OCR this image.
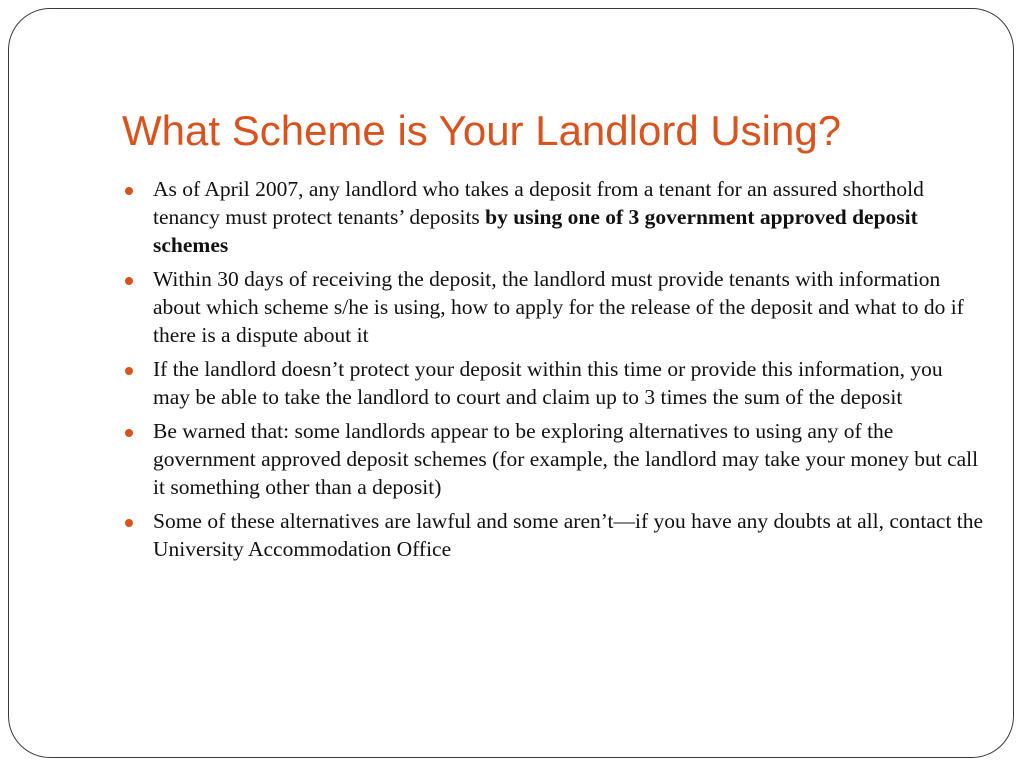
What Scheme is Your Landlord Using?
As of April 2007, any landlord who takes a deposit from a tenant for an assured shorthold tenancy must protect tenants’ deposits by using one of 3 government approved deposit schemes
Within 30 days of receiving the deposit, the landlord must provide tenants with information about which scheme s/he is using, how to apply for the release of the deposit and what to do if there is a dispute about it
If the landlord doesn’t protect your deposit within this time or provide this information, you may be able to take the landlord to court and claim up to 3 times the sum of the deposit
Be warned that: some landlords appear to be exploring alternatives to using any of the government approved deposit schemes (for example, the landlord may take your money but call it something other than a deposit)
Some of these alternatives are lawful and some aren’t—if you have any doubts at all, contact the University Accommodation Office
